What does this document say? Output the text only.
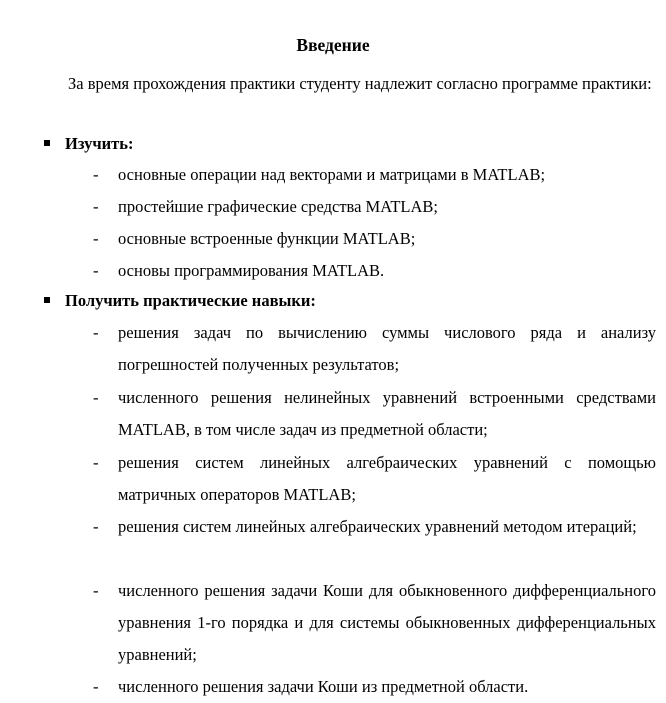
Введение

За время прохождения практики студенту надлежит согласно программе практики:

Изучить:
- основные операции над векторами и матрицами в MATLAB;
- простейшие графические средства MATLAB;
- основные встроенные функции MATLAB;
- основы программирования MATLAB.
Получить практические навыки:
- решения задач по вычислению суммы числового ряда и анализу погрешностей полученных результатов;
- численного решения нелинейных уравнений встроенными средствами MATLAB, в том числе задач из предметной области;
- решения систем линейных алгебраических уравнений с помощью матричных операторов MATLAB;
- решения систем линейных алгебраических уравнений методом итераций;
- численного решения задачи Коши для обыкновенного дифференциального уравнения 1-го порядка и для системы обыкновенных дифференциальных уравнений;
- численного решения задачи Коши из предметной области.
